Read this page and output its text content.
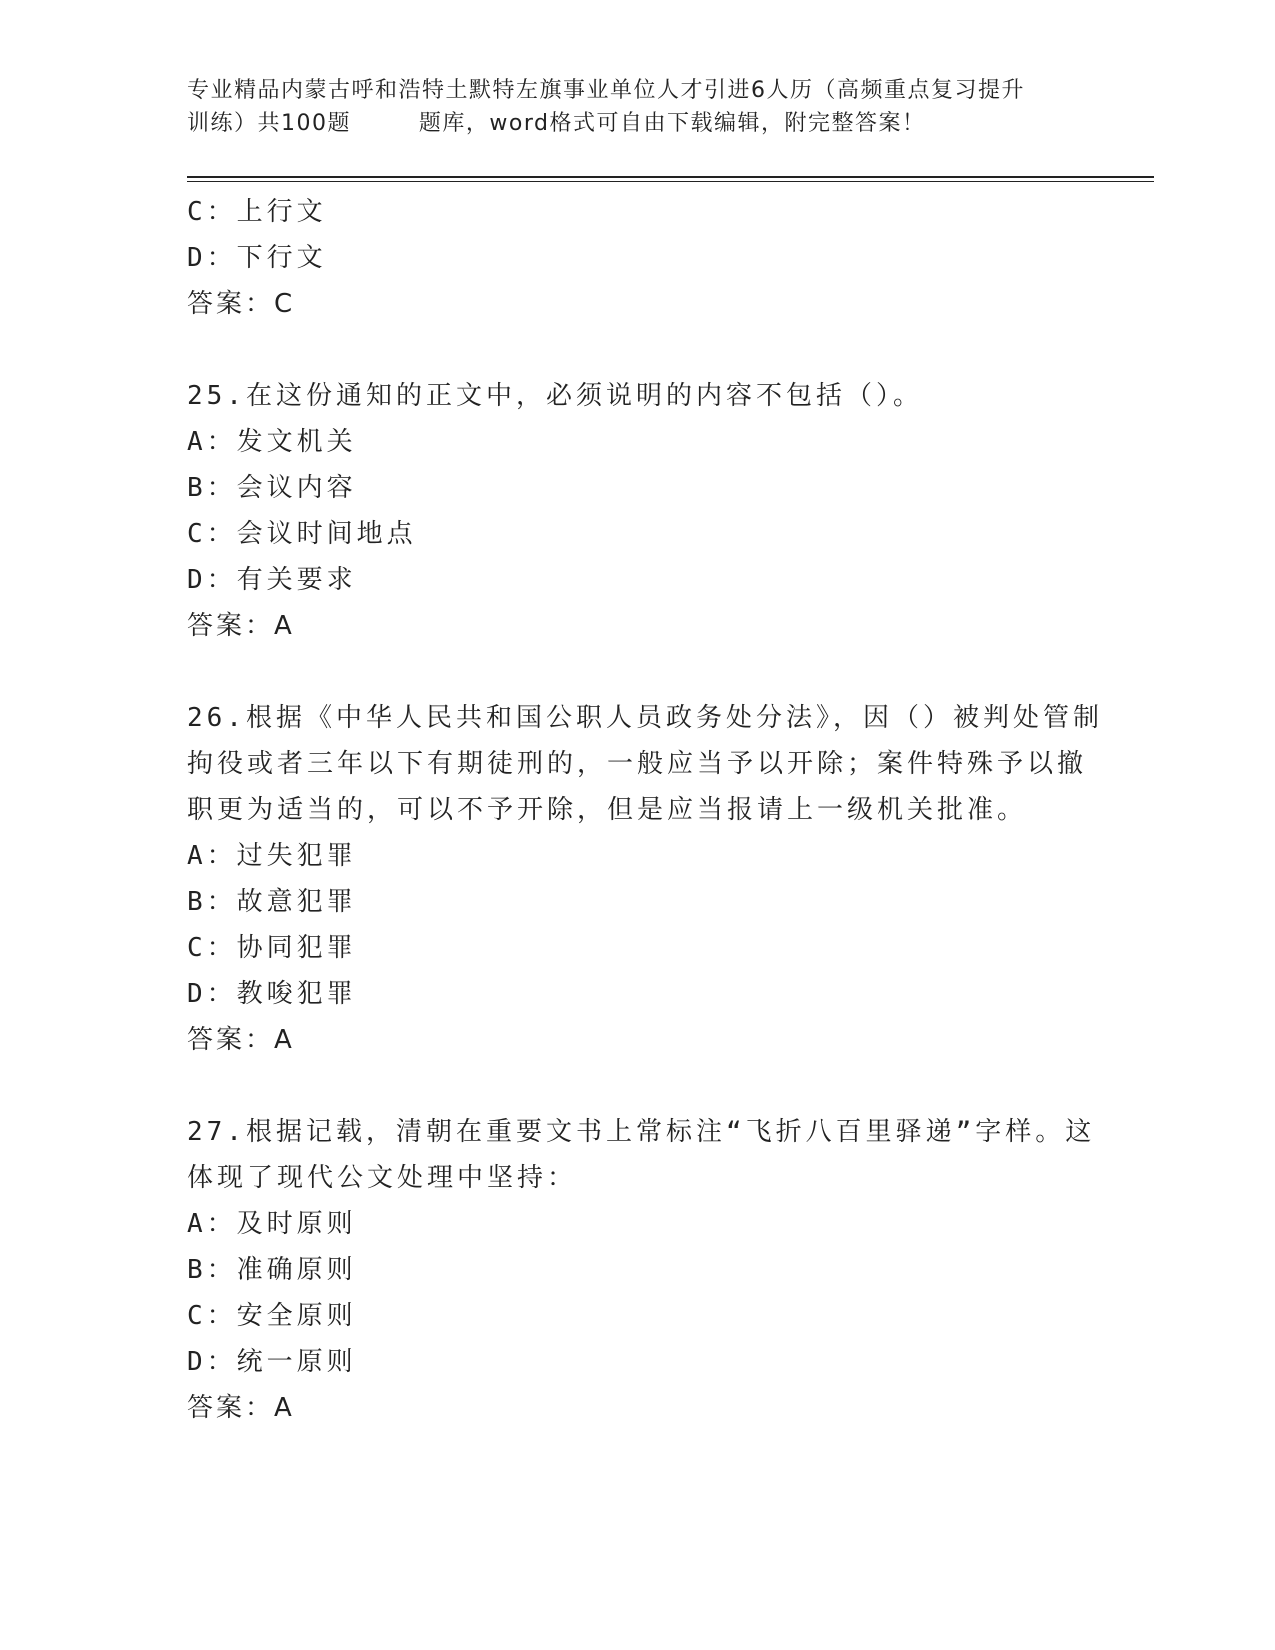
专业精品内蒙古呼和浩特土默特左旗事业单位人才引进6人历（高频重点复习提升
训练）共100题        题库，word格式可自由下载编辑，附完整答案！
C：上行文
D：下行文
答案：C
25.在这份通知的正文中，必须说明的内容不包括（）。
A：发文机关
B：会议内容
C：会议时间地点
D：有关要求
答案：A
26.根据《中华人民共和国公职人员政务处分法》，因（）被判处管制
拘役或者三年以下有期徒刑的，一般应当予以开除；案件特殊予以撤
职更为适当的，可以不予开除，但是应当报请上一级机关批准。
A：过失犯罪
B：故意犯罪
C：协同犯罪
D：教唆犯罪
答案：A
27.根据记载，清朝在重要文书上常标注“飞折八百里驿递”字样。这
体现了现代公文处理中坚持：
A：及时原则
B：准确原则
C：安全原则
D：统一原则
答案：A
